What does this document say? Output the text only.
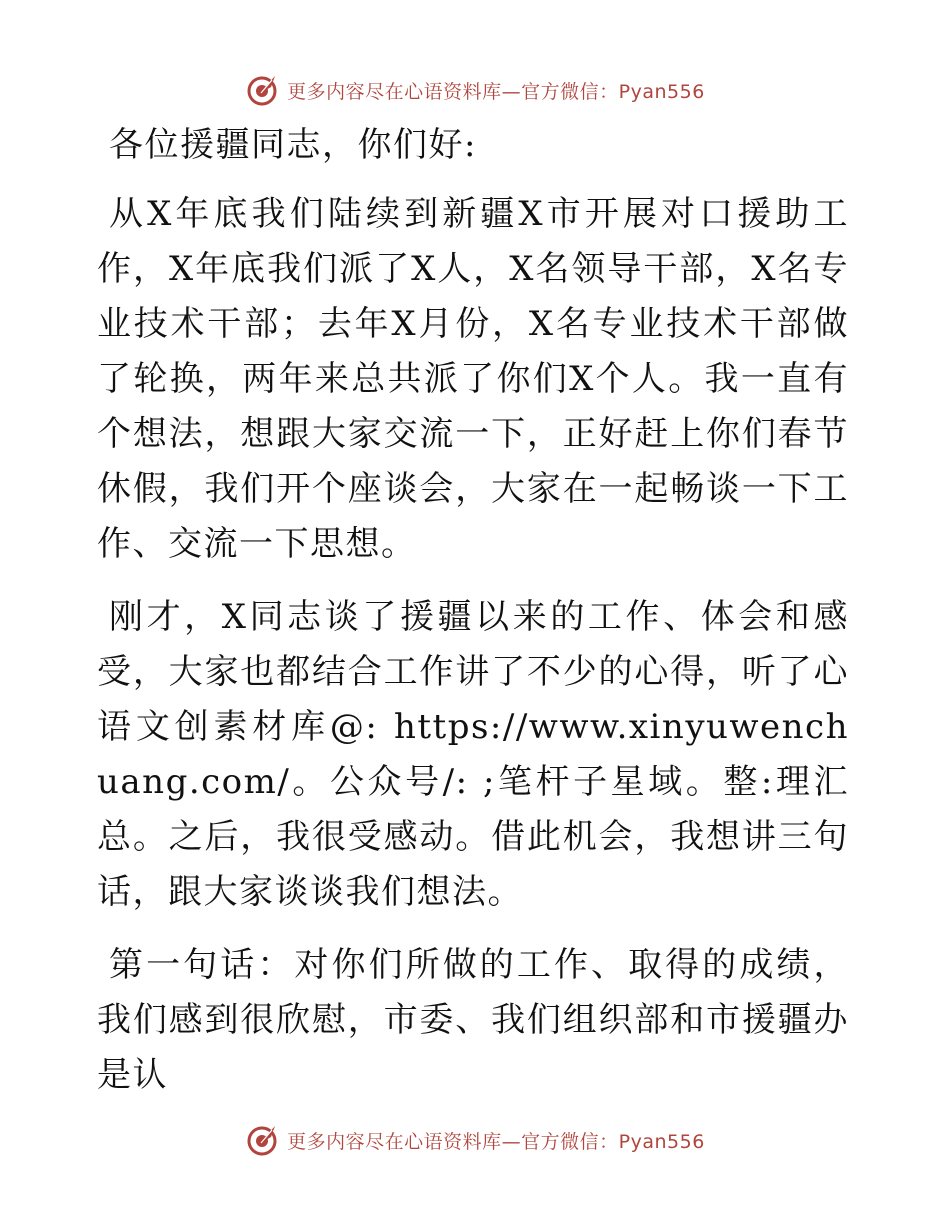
更多内容尽在心语资料库—官方微信：Pyan556

各位援疆同志，你们好:

从X年底我们陆续到新疆X市开展对口援助工作，X年底我们派了X人，X名领导干部，X名专业技术干部；去年X月份，X名专业技术干部做了轮换，两年来总共派了你们X个人。我一直有个想法，想跟大家交流一下，正好赶上你们春节休假，我们开个座谈会，大家在一起畅谈一下工作、交流一下思想。

刚才，X同志谈了援疆以来的工作、体会和感受，大家也都结合工作讲了不少的心得，听了心语文创素材库@: https://www.xinyuwenchuang.com/。公众号/: ;笔杆子星域。整:理汇总。之后，我很受感动。借此机会，我想讲三句话，跟大家谈谈我们想法。

第一句话：对你们所做的工作、取得的成绩，我们感到很欣慰，市委、我们组织部和市援疆办是认

更多内容尽在心语资料库—官方微信：Pyan556
